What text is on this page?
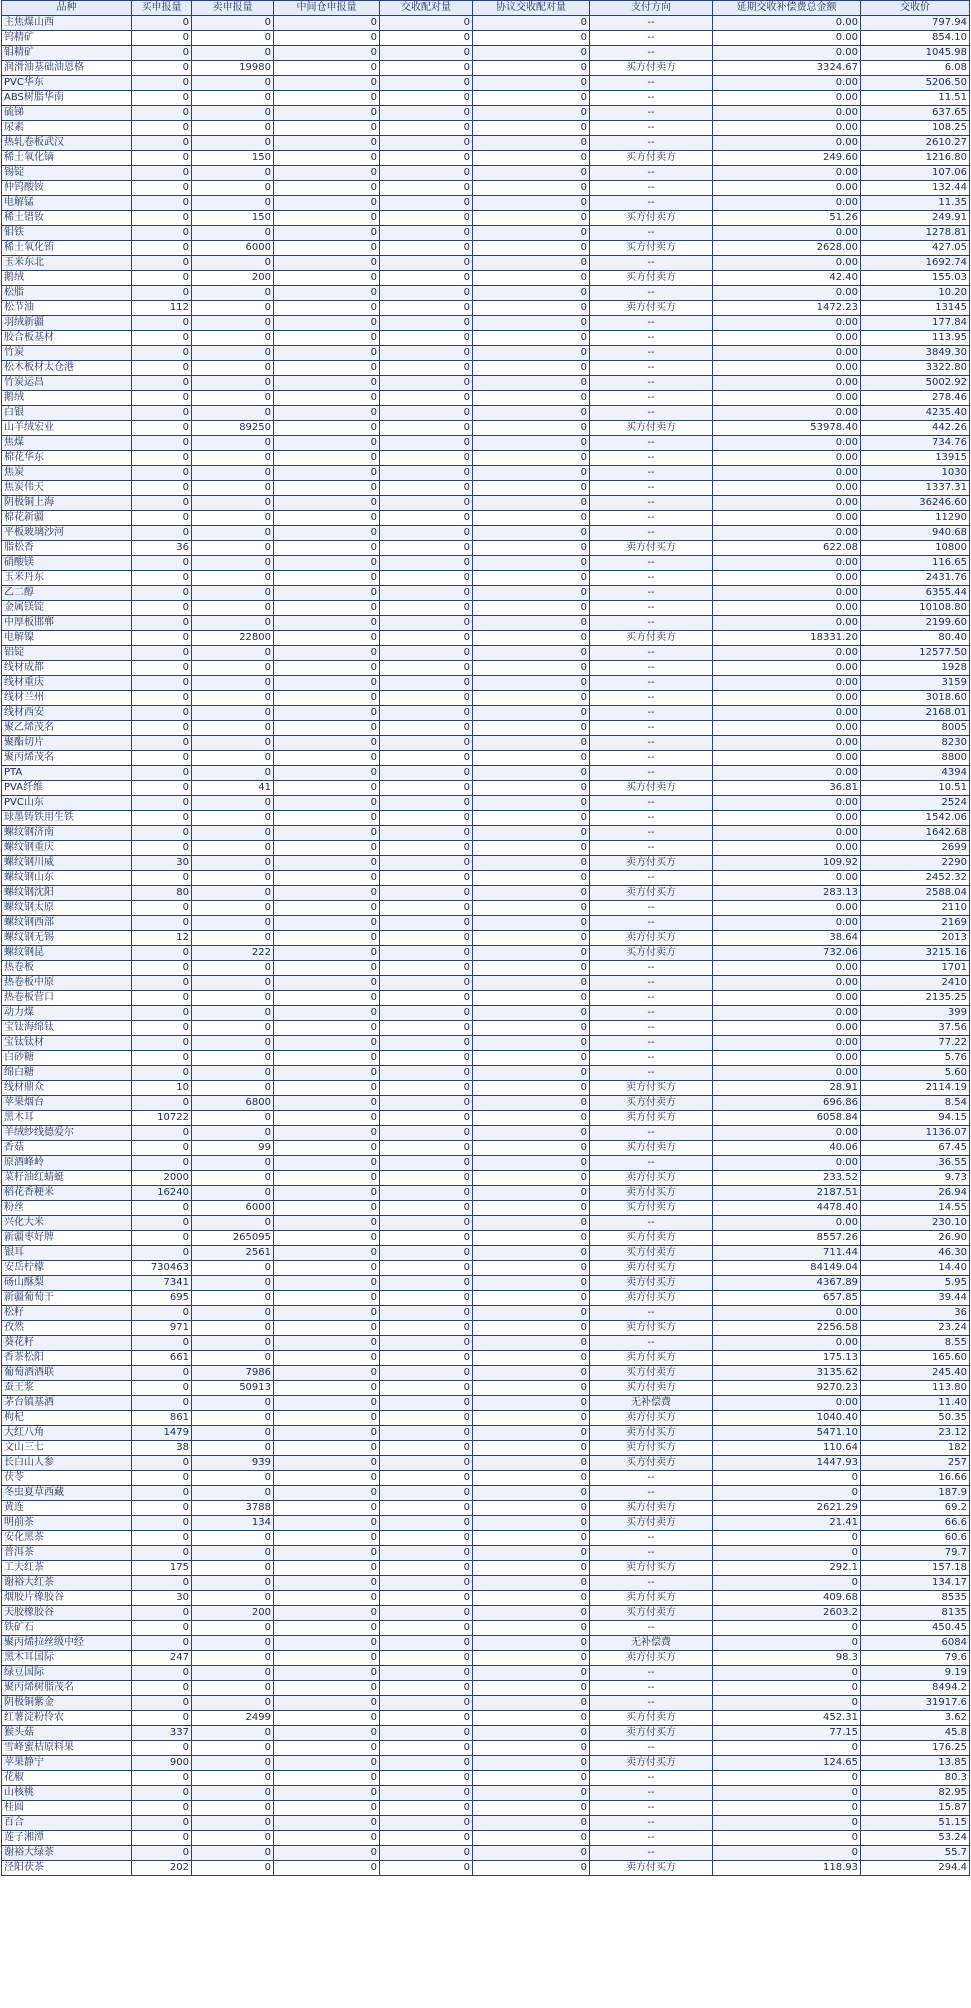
品种	买申报量	卖申报量	中间仓申报量	交收配对量	协议交收配对量	支付方向	延期交收补偿费总金额	交收价
主焦煤山西	0	0	0	0	0	--	0.00	797.94
钨精矿	0	0	0	0	0	--	0.00	854.10
钼精矿	0	0	0	0	0	--	0.00	1045.98
润滑油基础油恩格	0	19980	0	0	0	买方付卖方	3324.67	6.08
PVC华东	0	0	0	0	0	--	0.00	5206.50
ABS树脂华南	0	0	0	0	0	--	0.00	11.51
硫锑	0	0	0	0	0	--	0.00	637.65
尿素	0	0	0	0	0	--	0.00	108.25
热轧卷板武汉	0	0	0	0	0	--	0.00	2610.27
稀土氧化镝	0	150	0	0	0	买方付卖方	249.60	1216.80
锡锭	0	0	0	0	0	--	0.00	107.06
仲钨酸铵	0	0	0	0	0	--	0.00	132.44
电解锰	0	0	0	0	0	--	0.00	11.35
稀土镨钕	0	150	0	0	0	买方付卖方	51.26	249.91
钼铁	0	0	0	0	0	--	0.00	1278.81
稀土氧化铕	0	6000	0	0	0	买方付卖方	2628.00	427.05
玉米东北	0	0	0	0	0	--	0.00	1692.74
鹅绒	0	200	0	0	0	买方付卖方	42.40	155.03
松脂	0	0	0	0	0	--	0.00	10.20
松节油	112	0	0	0	0	卖方付买方	1472.23	13145
羽绒新疆	0	0	0	0	0	--	0.00	177.84
胶合板基材	0	0	0	0	0	--	0.00	113.95
竹炭	0	0	0	0	0	--	0.00	3849.30
松木板材太仓港	0	0	0	0	0	--	0.00	3322.80
竹炭运昌	0	0	0	0	0	--	0.00	5002.92
鹅绒	0	0	0	0	0	--	0.00	278.46
白银	0	0	0	0	0	--	0.00	4235.40
山羊绒宏业	0	89250	0	0	0	买方付卖方	53978.40	442.26
焦煤	0	0	0	0	0	--	0.00	734.76
棉花华东	0	0	0	0	0	--	0.00	13915
焦炭	0	0	0	0	0	--	0.00	1030
焦炭伟天	0	0	0	0	0	--	0.00	1337.31
阴极铜上海	0	0	0	0	0	--	0.00	36246.60
棉花新疆	0	0	0	0	0	--	0.00	11290
平板玻璃沙河	0	0	0	0	0	--	0.00	940.68
脂松香	36	0	0	0	0	卖方付买方	622.08	10800
硝酸镁	0	0	0	0	0	--	0.00	116.65
玉米丹东	0	0	0	0	0	--	0.00	2431.76
乙二醇	0	0	0	0	0	--	0.00	6355.44
金属镁锭	0	0	0	0	0	--	0.00	10108.80
中厚板邯郸	0	0	0	0	0	--	0.00	2199.60
电解镍	0	22800	0	0	0	买方付卖方	18331.20	80.40
铝锭	0	0	0	0	0	--	0.00	12577.50
线材成都	0	0	0	0	0	--	0.00	1928
线材重庆	0	0	0	0	0	--	0.00	3159
线材兰州	0	0	0	0	0	--	0.00	3018.60
线材西安	0	0	0	0	0	--	0.00	2168.01
聚乙烯茂名	0	0	0	0	0	--	0.00	8005
聚酯切片	0	0	0	0	0	--	0.00	8230
聚丙烯茂名	0	0	0	0	0	--	0.00	8800
PTA	0	0	0	0	0	--	0.00	4394
PVA纤维	0	41	0	0	0	买方付卖方	36.81	10.51
PVC山东	0	0	0	0	0	--	0.00	2524
球墨铸铁用生铁	0	0	0	0	0	--	0.00	1542.06
螺纹钢济南	0	0	0	0	0	--	0.00	1642.68
螺纹钢重庆	0	0	0	0	0	--	0.00	2699
螺纹钢川威	30	0	0	0	0	卖方付买方	109.92	2290
螺纹钢山东	0	0	0	0	0	--	0.00	2452.32
螺纹钢沈阳	80	0	0	0	0	卖方付买方	283.13	2588.04
螺纹钢太原	0	0	0	0	0	--	0.00	2110
螺纹钢西部	0	0	0	0	0	--	0.00	2169
螺纹钢无锡	12	0	0	0	0	卖方付买方	38.64	2013
螺纹钢昆	0	222	0	0	0	买方付卖方	732.06	3215.16
热卷板	0	0	0	0	0	--	0.00	1701
热卷板中原	0	0	0	0	0	--	0.00	2410
热卷板营口	0	0	0	0	0	--	0.00	2135.25
动力煤	0	0	0	0	0	--	0.00	399
宝钛海绵钛	0	0	0	0	0	--	0.00	37.56
宝钛钛材	0	0	0	0	0	--	0.00	77.22
白砂糖	0	0	0	0	0	--	0.00	5.76
绵白糖	0	0	0	0	0	--	0.00	5.60
线材鼎众	10	0	0	0	0	卖方付买方	28.91	2114.19
苹果烟台	0	6800	0	0	0	买方付卖方	696.86	8.54
黑木耳	10722	0	0	0	0	卖方付买方	6058.84	94.15
羊绒纱线德爱尔	0	0	0	0	0	--	0.00	1136.07
香菇	0	99	0	0	0	买方付卖方	40.06	67.45
原酒峰岭	0	0	0	0	0	--	0.00	36.55
菜籽油红蜻蜓	2000	0	0	0	0	卖方付买方	233.52	9.73
稻花香粳米	16240	0	0	0	0	卖方付买方	2187.51	26.94
粉丝	0	6000	0	0	0	买方付卖方	4478.40	14.55
兴化大米	0	0	0	0	0	--	0.00	230.10
新疆枣好牌	0	265095	0	0	0	买方付卖方	8557.26	26.90
银耳	0	2561	0	0	0	买方付卖方	711.44	46.30
安岳柠檬	730463	0	0	0	0	卖方付买方	84149.04	14.40
砀山酥梨	7341	0	0	0	0	卖方付买方	4367.89	5.95
新疆葡萄干	695	0	0	0	0	卖方付买方	657.85	39.44
松籽	0	0	0	0	0	--	0.00	36
孜然	971	0	0	0	0	卖方付买方	2256.58	23.24
葵花籽	0	0	0	0	0	--	0.00	8.55
香茶松阳	661	0	0	0	0	卖方付买方	175.13	165.60
葡萄酒酒联	0	7986	0	0	0	买方付卖方	3135.62	245.40
蚕王浆	0	50913	0	0	0	买方付卖方	9270.23	113.80
茅台镇基酒	0	0	0	0	0	无补偿费	0.00	11.40
枸杞	861	0	0	0	0	卖方付买方	1040.40	50.35
大红八角	1479	0	0	0	0	卖方付买方	5471.10	23.12
文山三七	38	0	0	0	0	卖方付买方	110.64	182
长白山人参	0	939	0	0	0	买方付卖方	1447.93	257
茯苓	0	0	0	0	0	--	0	16.66
冬虫夏草西藏	0	0	0	0	0	--	0	187.9
黄连	0	3788	0	0	0	买方付卖方	2621.29	69.2
明前茶	0	134	0	0	0	买方付卖方	21.41	66.6
安化黑茶	0	0	0	0	0	--	0	60.6
普洱茶	0	0	0	0	0	--	0	79.7
工夫红茶	175	0	0	0	0	卖方付买方	292.1	157.18
谢裕大红茶	0	0	0	0	0	--	0	134.17
烟胶片橡胶谷	30	0	0	0	0	卖方付买方	409.68	8535
天胶橡胶谷	0	200	0	0	0	买方付卖方	2603.2	8135
铁矿石	0	0	0	0	0	--	0	450.45
聚丙烯拉丝级中经	0	0	0	0	0	无补偿费	0	6084
黑木耳国际	247	0	0	0	0	卖方付买方	98.3	79.6
绿豆国际	0	0	0	0	0	--	0	9.19
聚丙烯树脂茂名	0	0	0	0	0	--	0	8494.2
阴极铜紫金	0	0	0	0	0	--	0	31917.6
红薯淀粉伶农	0	2499	0	0	0	买方付卖方	452.31	3.62
猴头菇	337	0	0	0	0	卖方付买方	77.15	45.8
雪峰蜜桔原料果	0	0	0	0	0	--	0	176.25
苹果静宁	900	0	0	0	0	卖方付买方	124.65	13.85
花椒	0	0	0	0	0	--	0	80.3
山核桃	0	0	0	0	0	--	0	82.95
桂圆	0	0	0	0	0	--	0	15.87
百合	0	0	0	0	0	--	0	51.15
莲子湘潭	0	0	0	0	0	--	0	53.24
谢裕大绿茶	0	0	0	0	0	--	0	55.7
泾阳茯茶	202	0	0	0	0	卖方付买方	118.93	294.4
